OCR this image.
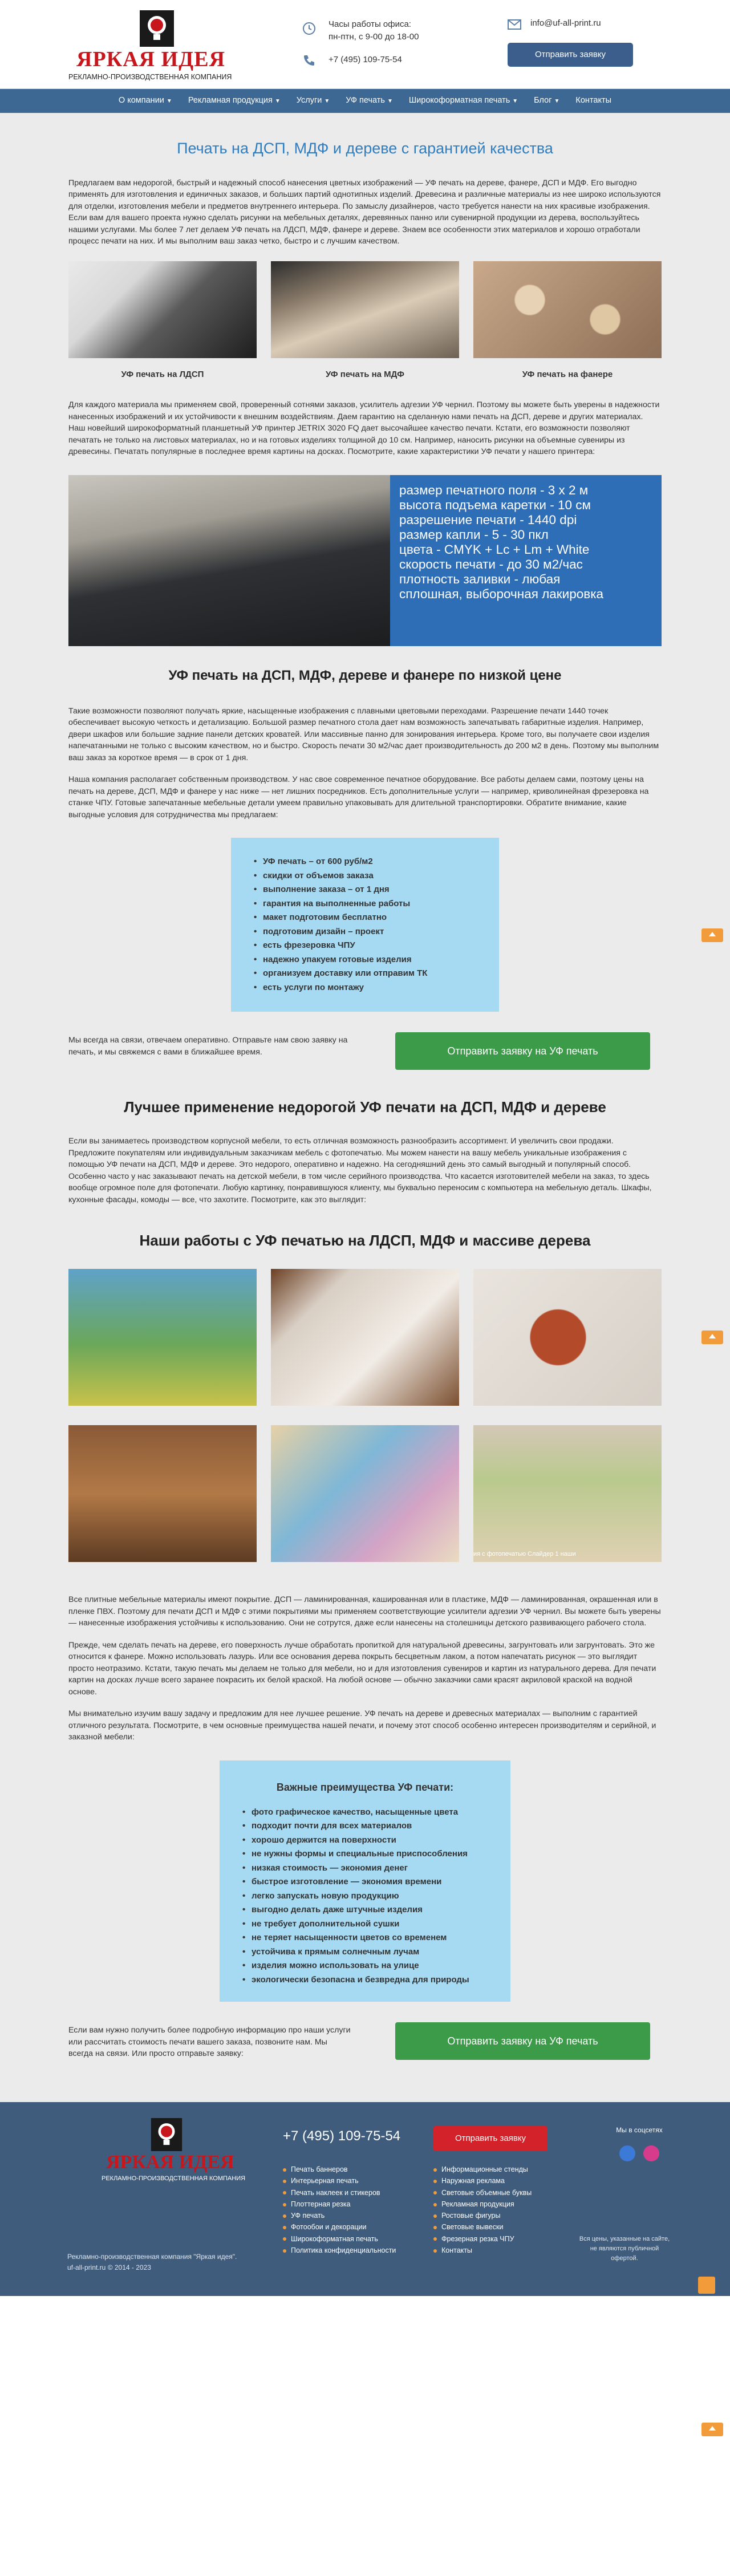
ЯРКАЯ ИДЕЯ
РЕКЛАМНО-ПРОИЗВОДСТВЕННАЯ КОМПАНИЯ
Часы работы офиса:
пн-птн, с 9-00 до 18-00
+7 (495) 109-75-54
info@uf-all-print.ru
Отправить заявку
О компании ▼	Рекламная продукция ▼	Услуги ▼	УФ печать ▼	Широкоформатная печать ▼	Блог ▼	Контакты
Печать на ДСП, МДФ и дереве с гарантией качества

Предлагаем вам недорогой, быстрый и надежный способ нанесения цветных изображений — УФ печать на дереве, фанере, ДСП и МДФ. Его выгодно применять для изготовления и единичных заказов, и больших партий однотипных изделий. Древесина и различные материалы из нее широко используются для отделки, изготовления мебели и предметов внутреннего интерьера. По замыслу дизайнеров, часто требуется нанести на них красивые изображения. Если вам для вашего проекта нужно сделать рисунки на мебельных деталях, деревянных панно или сувенирной продукции из дерева, воспользуйтесь нашими услугами. Мы более 7 лет делаем УФ печать на ЛДСП, МДФ, фанере и дереве. Знаем все особенности этих материалов и хорошо отработали процесс печати на них. И мы выполним ваш заказ четко, быстро и с лучшим качеством.

УФ печать на ЛДСП	УФ печать на МДФ	УФ печать на фанере

Для каждого материала мы применяем свой, проверенный сотнями заказов, усилитель адгезии УФ чернил. Поэтому вы можете быть уверены в надежности нанесенных изображений и их устойчивости к внешним воздействиям. Даем гарантию на сделанную нами печать на ДСП, дереве и других материалах. Наш новейший широкоформатный планшетный УФ принтер JETRIX 3020 FQ дает высочайшее качество печати. Кстати, его возможности позволяют печатать не только на листовых материалах, но и на готовых изделиях толщиной до 10 см. Например, наносить рисунки на объемные сувениры из древесины. Печатать популярные в последнее время картины на досках. Посмотрите, какие характеристики УФ печати у нашего принтера:

размер печатного поля - 3 х 2 м
высота подъема каретки - 10 см
разрешение печати - 1440 dpi
размер капли - 5 - 30 пкл
цвета - CMYK + Lc + Lm + White
скорость печати - до 30 м2/час
плотность заливки - любая
сплошная, выборочная лакировка
УФ печать на ДСП, МДФ, дереве и фанере по низкой цене

Такие возможности позволяют получать яркие, насыщенные изображения с плавными цветовыми переходами. Разрешение печати 1440 точек обеспечивает высокую четкость и детализацию. Большой размер печатного стола дает нам возможность запечатывать габаритные изделия. Например, двери шкафов или большие задние панели детских кроватей. Или массивные панно для зонирования интерьера. Кроме того, вы получаете свои изделия напечатанными не только с высоким качеством, но и быстро. Скорость печати 30 м2/час дает производительность до 200 м2 в день. Поэтому мы выполним ваш заказ за короткое время — в срок от 1 дня.

Наша компания располагает собственным производством. У нас свое современное печатное оборудование. Все работы делаем сами, поэтому цены на печать на дереве, ДСП, МДФ и фанере у нас ниже — нет лишних посредников. Есть дополнительные услуги — например, криволинейная фрезеровка на станке ЧПУ. Готовые запечатанные мебельные детали умеем правильно упаковывать для длительной транспортировки. Обратите внимание, какие выгодные условия для сотрудничества мы предлагаем:

• УФ печать – от 600 руб/м2
• скидки от объемов заказа
• выполнение заказа – от 1 дня
• гарантия на выполненные работы
• макет подготовим бесплатно
• подготовим дизайн – проект
• есть фрезеровка ЧПУ
• надежно упакуем готовые изделия
• организуем доставку или отправим ТК
• есть услуги по монтажу
Мы всегда на связи, отвечаем оперативно. Отправьте нам свою заявку на печать, и мы свяжемся с вами в ближайшее время.	Отправить заявку на УФ печать
Лучшее применение недорогой УФ печати на ДСП, МДФ и дереве

Если вы занимаетесь производством корпусной мебели, то есть отличная возможность разнообразить ассортимент. И увеличить свои продажи. Предложите покупателям или индивидуальным заказчикам мебель с фотопечатью. Мы можем нанести на вашу мебель уникальные изображения с помощью УФ печати на ДСП, МДФ и дереве. Это недорого, оперативно и надежно. На сегодняшний день это самый выгодный и популярный способ. Особенно часто у нас заказывают печать на детской мебели, в том числе серийного производства. Что касается изготовителей мебели на заказ, то здесь вообще огромное поле для фотопечати. Любую картинку, понравившуюся клиенту, мы буквально переносим с компьютера на мебельную деталь. Шкафы, кухонные фасады, комоды — все, что захотите. Посмотрите, как это выглядит:

Наши работы с УФ печатью на ЛДСП, МДФ и массиве дерева
ия с фотопечатью Слайдер 1 наши

Все плитные мебельные материалы имеют покрытие. ДСП — ламинированная, кашированная или в пластике, МДФ — ламинированная, окрашенная или в пленке ПВХ. Поэтому для печати ДСП и МДФ с этими покрытиями мы применяем соответствующие усилители адгезии УФ чернил. Вы можете быть уверены — нанесенные изображения устойчивы к использованию. Они не сотрутся, даже если нанесены на столешницы детского развивающего рабочего стола.

Прежде, чем сделать печать на дереве, его поверхность лучше обработать пропиткой для натуральной древесины, загрунтовать или загрунтовать. Это же относится к фанере. Можно использовать лазурь. Или все основания дерева покрыть бесцветным лаком, а потом напечатать рисунок — это выглядит просто неотразимо. Кстати, такую печать мы делаем не только для мебели, но и для изготовления сувениров и картин из натурального дерева. Для печати картин на досках лучше всего заранее покрасить их белой краской. На любой основе — обычно заказчики сами красят акриловой краской на водной основе.

Мы внимательно изучим вашу задачу и предложим для нее лучшее решение. УФ печать на дереве и древесных материалах — выполним с гарантией отличного результата. Посмотрите, в чем основные преимущества нашей печати, и почему этот способ особенно интересен производителям и серийной, и заказной мебели:

Важные преимущества УФ печати:
• фото графическое качество, насыщенные цвета
• подходит почти для всех материалов
• хорошо держится на поверхности
• не нужны формы и специальные приспособления
• низкая стоимость — экономия денег
• быстрое изготовление — экономия времени
• легко запускать новую продукцию
• выгодно делать даже штучные изделия
• не требует дополнительной сушки
• не теряет насыщенности цветов со временем
• устойчива к прямым солнечным лучам
• изделия можно использовать на улице
• экологически безопасна и безвредна для природы
Если вам нужно получить более подробную информацию про наши услуги или рассчитать стоимость печати вашего заказа, позвоните нам. Мы всегда на связи. Или просто отправьте заявку:
Отправить заявку на УФ печать
ЯРКАЯ ИДЕЯ
РЕКЛАМНО-ПРОИЗВОДСТВЕННАЯ КОМПАНИЯ
+7 (495) 109-75-54	Отправить заявку
Мы в соцсетях
Печать баннеров
Интерьерная печать
Печать наклеек и стикеров
Плоттерная резка
УФ печать
Фотообои и декорации
Широкоформатная печать
Политика конфиденциальности
Информационные стенды
Наружная реклама
Световые объемные буквы
Рекламная продукция
Ростовые фигуры
Световые вывески
Фрезерная резка ЧПУ
Контакты
Рекламно-производственная компания "Яркая идея".
uf-all-print.ru © 2014 - 2023
Вся цены, указанные на сайте, не являются публичной офертой.
